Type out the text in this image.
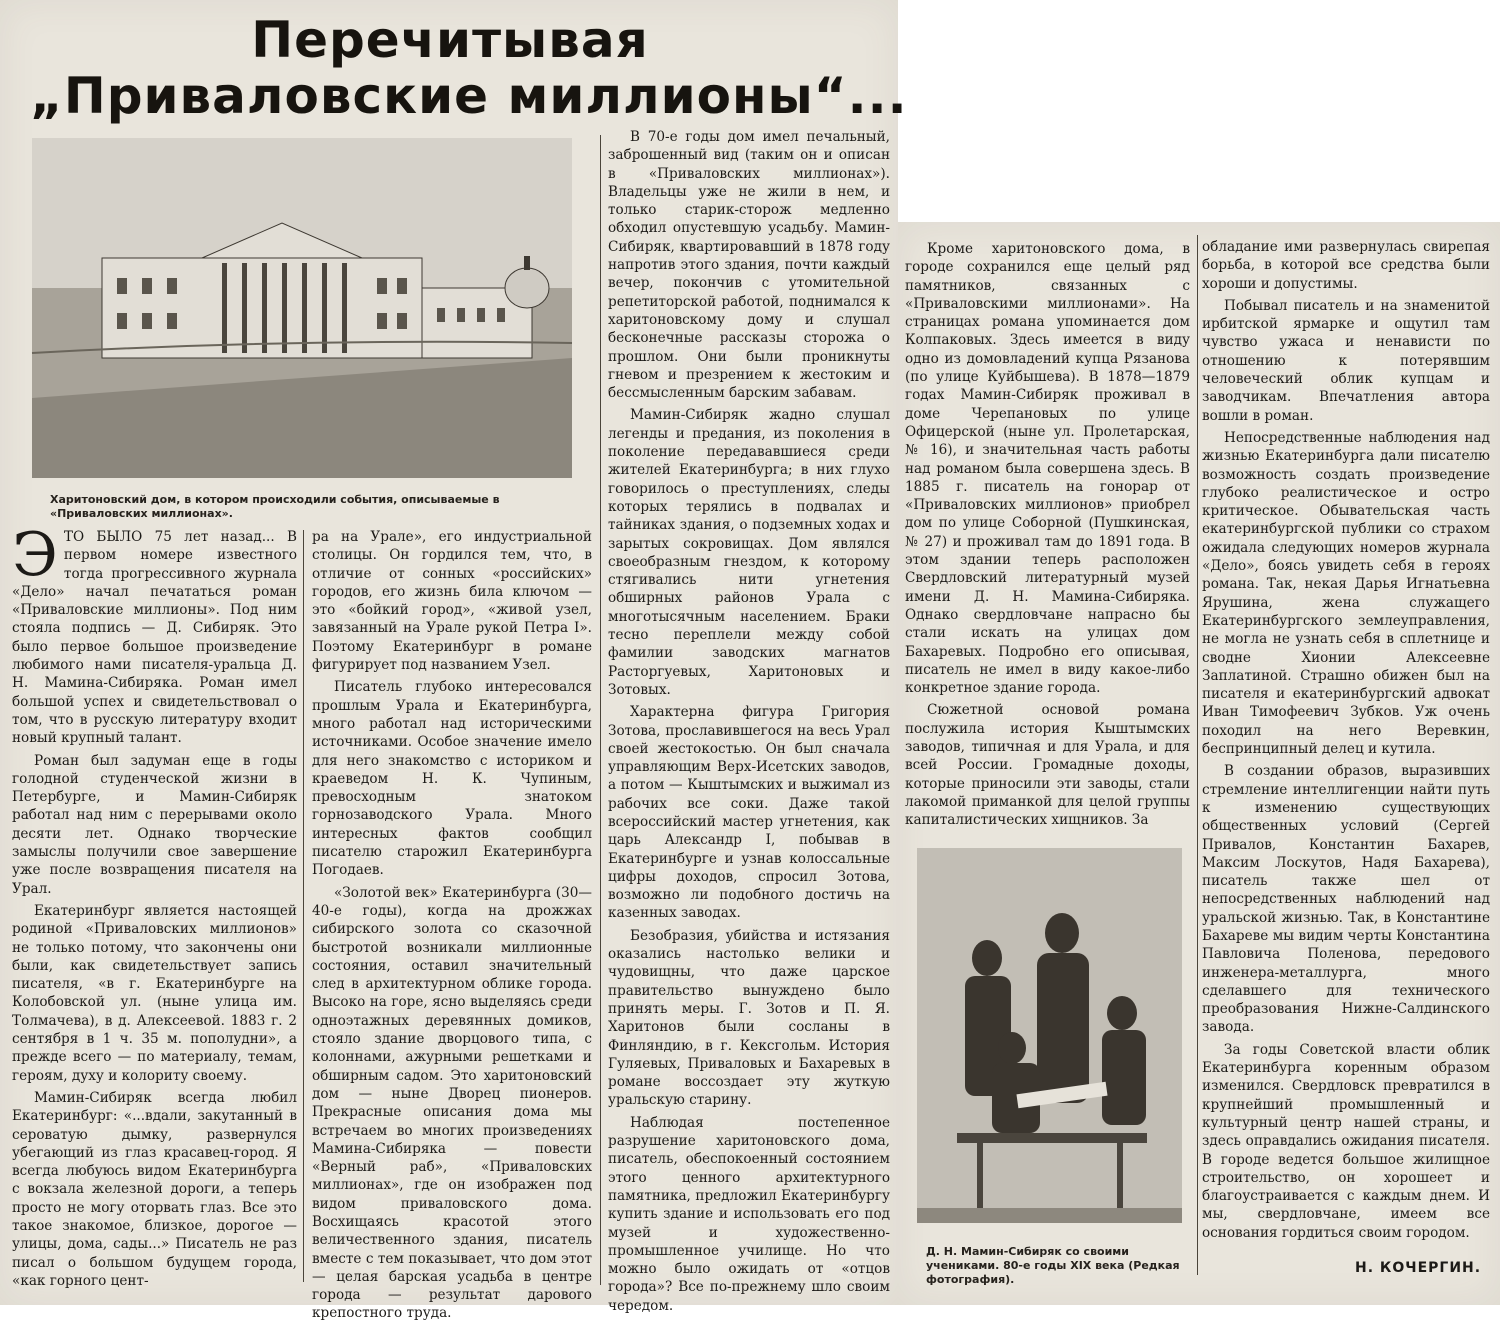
Перечитывая
„Приваловские миллионы“...
Харитоновский дом, в котором происходили события, описываемые в «Приваловских миллионах».

ЭТО БЫЛО 75 лет назад... В первом номере известного тогда прогрессивного журнала «Дело» начал печататься роман «Приваловские миллионы». Под ним стояла подпись — Д. Сибиряк. Это было первое большое произведение любимого нами писателя-уральца Д. Н. Мамина-Сибиряка. Роман имел большой успех и свидетельствовал о том, что в русскую литературу входит новый крупный талант.

Роман был задуман еще в годы голодной студенческой жизни в Петербурге, и Мамин-Сибиряк работал над ним с перерывами около десяти лет. Однако творческие замыслы получили свое завершение уже после возвращения писателя на Урал.

Екатеринбург является настоящей родиной «Приваловских миллионов» не только потому, что закончены они были, как свидетельствует запись писателя, «в г. Екатеринбурге на Колобовской ул. (ныне улица им. Толмачева), в д. Алексеевой. 1883 г. 2 сентября в 1 ч. 35 м. пополудни», а прежде всего — по материалу, темам, героям, духу и колориту своему.

Мамин-Сибиряк всегда любил Екатеринбург: «...вдали, закутанный в сероватую дымку, развернулся убегающий из глаз красавец-город. Я всегда любуюсь видом Екатеринбурга с вокзала железной дороги, а теперь просто не могу оторвать глаз. Все это такое знакомое, близкое, дорогое — улицы, дома, сады...» Писатель не раз писал о большом будущем города, «как горного цент-

ра на Урале», его индустриальной столицы. Он гордился тем, что, в отличие от сонных «российских» городов, его жизнь била ключом — это «бойкий город», «живой узел, завязанный на Урале рукой Петра I». Поэтому Екатеринбург в романе фигурирует под названием Узел.

Писатель глубоко интересовался прошлым Урала и Екатеринбурга, много работал над историческими источниками. Особое значение имело для него знакомство с историком и краеведом Н. К. Чупиным, превосходным знатоком горнозаводского Урала. Много интересных фактов сообщил писателю старожил Екатеринбурга Погодаев.

«Золотой век» Екатеринбурга (30—40-е годы), когда на дрожжах сибирского золота со сказочной быстротой возникали миллионные состояния, оставил значительный след в архитектурном облике города. Высоко на горе, ясно выделяясь среди одноэтажных деревянных домиков, стояло здание дворцового типа, с колоннами, ажурными решетками и обширным садом. Это харитоновский дом — ныне Дворец пионеров. Прекрасные описания дома мы встречаем во многих произведениях Мамина-Сибиряка — повести «Верный раб», «Приваловских миллионах», где он изображен под видом приваловского дома. Восхищаясь красотой этого величественного здания, писатель вместе с тем показывает, что дом этот — целая барская усадьба в центре города — результат дарового крепостного труда.

В 70-е годы дом имел печальный, заброшенный вид (таким он и описан в «Приваловских миллионах»). Владельцы уже не жили в нем, и только старик-сторож медленно обходил опустевшую усадьбу. Мамин-Сибиряк, квартировавший в 1878 году напротив этого здания, почти каждый вечер, покончив с утомительной репетиторской работой, поднимался к харитоновскому дому и слушал бесконечные рассказы сторожа о прошлом. Они были проникнуты гневом и презрением к жестоким и бессмысленным барским забавам.

Мамин-Сибиряк жадно слушал легенды и предания, из поколения в поколение передававшиеся среди жителей Екатеринбурга; в них глухо говорилось о преступлениях, следы которых терялись в подвалах и тайниках здания, о подземных ходах и зарытых сокровищах. Дом являлся своеобразным гнездом, к которому стягивались нити угнетения обширных районов Урала с многотысячным населением. Браки тесно переплели между собой фамилии заводских магнатов Расторгуевых, Харитоновых и Зотовых.

Характерна фигура Григория Зотова, прославившегося на весь Урал своей жестокостью. Он был сначала управляющим Верх-Исетских заводов, а потом — Кыштымских и выжимал из рабочих все соки. Даже такой всероссийский мастер угнетения, как царь Александр I, побывав в Екатеринбурге и узнав колоссальные цифры доходов, спросил Зотова, возможно ли подобного достичь на казенных заводах.

Безобразия, убийства и истязания оказались настолько велики и чудовищны, что даже царское правительство вынуждено было принять меры. Г. Зотов и П. Я. Харитонов были сосланы в Финляндию, в г. Кексгольм. История Гуляевых, Приваловых и Бахаревых в романе воссоздает эту жуткую уральскую старину.

Наблюдая постепенное разрушение харитоновского дома, писатель, обеспокоенный состоянием этого ценного архитектурного памятника, предложил Екатеринбургу купить здание и использовать его под музей и художественно-промышленное училище. Но что можно было ожидать от «отцов города»? Все по-прежнему шло своим чередом.

Кроме харитоновского дома, в городе сохранился еще целый ряд памятников, связанных с «Приваловскими миллионами». На страницах романа упоминается дом Колпаковых. Здесь имеется в виду одно из домовладений купца Рязанова (по улице Куйбышева). В 1878—1879 годах Мамин-Сибиряк проживал в доме Черепановых по улице Офицерской (ныне ул. Пролетарская, № 16), и значительная часть работы над романом была совершена здесь. В 1885 г. писатель на гонорар от «Приваловских миллионов» приобрел дом по улице Соборной (Пушкинская, № 27) и проживал там до 1891 года. В этом здании теперь расположен Свердловский литературный музей имени Д. Н. Мамина-Сибиряка. Однако свердловчане напрасно бы стали искать на улицах дом Бахаревых. Подробно его описывая, писатель не имел в виду какое-либо конкретное здание города.

Сюжетной основой романа послужила история Кыштымских заводов, типичная и для Урала, и для всей России. Громадные доходы, которые приносили эти заводы, стали лакомой приманкой для целой группы капиталистических хищников. За

Д. Н. Мамин-Сибиряк со своими учениками. 80-е годы XIX века (Редкая фотография).

обладание ими развернулась свирепая борьба, в которой все средства были хороши и допустимы.

Побывал писатель и на знаменитой ирбитской ярмарке и ощутил там чувство ужаса и ненависти по отношению к потерявшим человеческий облик купцам и заводчикам. Впечатления автора вошли в роман.

Непосредственные наблюдения над жизнью Екатеринбурга дали писателю возможность создать произведение глубоко реалистическое и остро критическое. Обывательская часть екатеринбургской публики со страхом ожидала следующих номеров журнала «Дело», боясь увидеть себя в героях романа. Так, некая Дарья Игнатьевна Ярушина, жена служащего Екатеринбургского землеуправления, не могла не узнать себя в сплетнице и сводне Хионии Алексеевне Заплатиной. Страшно обижен был на писателя и екатеринбургский адвокат Иван Тимофеевич Зубков. Уж очень походил на него Веревкин, беспринципный делец и кутила.

В создании образов, выразивших стремление интеллигенции найти путь к изменению существующих общественных условий (Сергей Привалов, Константин Бахарев, Максим Лоскутов, Надя Бахарева), писатель также шел от непосредственных наблюдений над уральской жизнью. Так, в Константине Бахареве мы видим черты Константина Павловича Поленова, передового инженера-металлурга, много сделавшего для технического преобразования Нижне-Салдинского завода.

За годы Советской власти облик Екатеринбурга коренным образом изменился. Свердловск превратился в крупнейший промышленный и культурный центр нашей страны, и здесь оправдались ожидания писателя. В городе ведется большое жилищное строительство, он хорошеет и благоустраивается с каждым днем. И мы, свердловчане, имеем все основания гордиться своим городом.

Н. КОЧЕРГИН.
